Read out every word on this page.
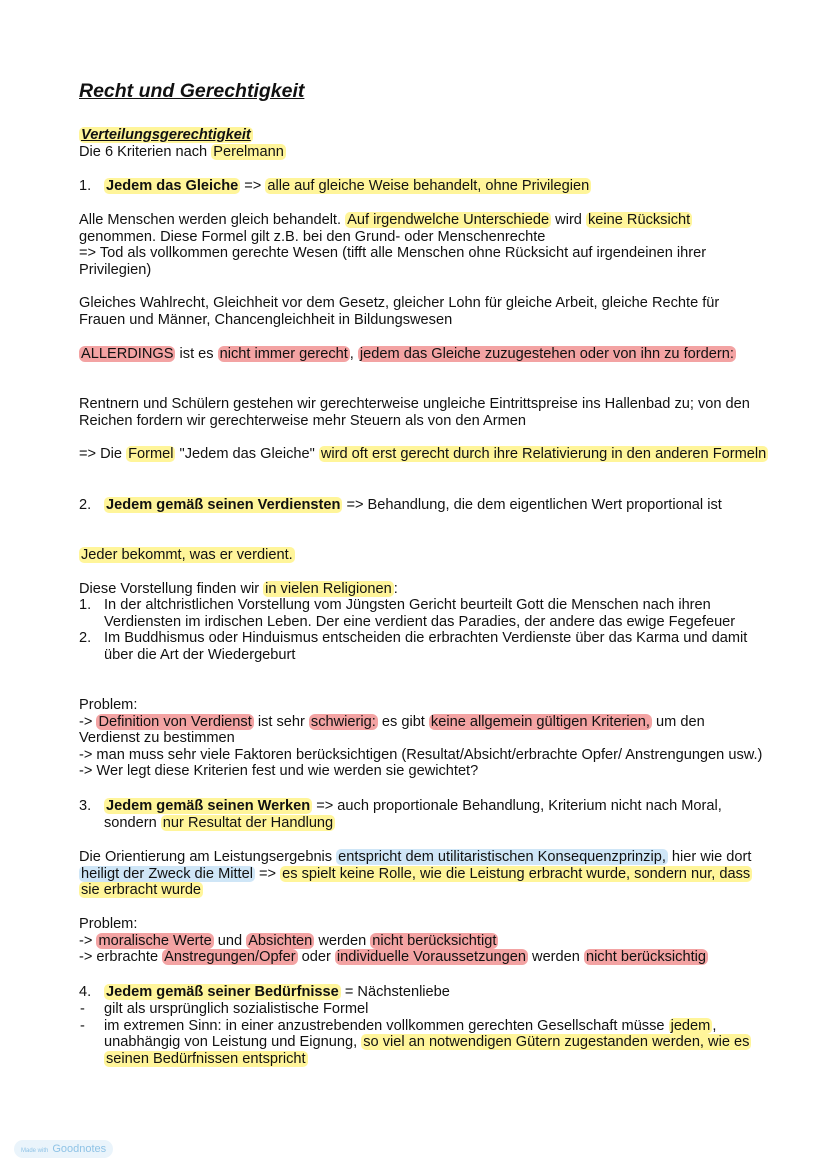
Recht und Gerechtigkeit
Verteilungsgerechtigkeit
Die 6 Kriterien nach Perelmann
1. Jedem das Gleiche => alle auf gleiche Weise behandelt, ohne Privilegien
Alle Menschen werden gleich behandelt. Auf irgendwelche Unterschiede wird keine Rücksicht genommen. Diese Formel gilt z.B. bei den Grund- oder Menschenrechte
=> Tod als vollkommen gerechte Wesen (tifft alle Menschen ohne Rücksicht auf irgendeinen ihrer Privilegien)
Gleiches Wahlrecht, Gleichheit vor dem Gesetz, gleicher Lohn für gleiche Arbeit, gleiche Rechte für Frauen und Männer, Chancengleichheit in Bildungswesen
ALLERDINGS ist es nicht immer gerecht , jedem das Gleiche zuzugestehen oder von ihn zu fordern:
Rentnern und Schülern gestehen wir gerechterweise ungleiche Eintrittspreise ins Hallenbad zu; von den Reichen fordern wir gerechterweise mehr Steuern als von den Armen
=> Die Formel "Jedem das Gleiche" wird oft erst gerecht durch ihre Relativierung in den anderen Formeln
2. Jedem gemäß seinen Verdiensten => Behandlung, die dem eigentlichen Wert proportional ist
Jeder bekommt, was er verdient.
Diese Vorstellung finden wir in vielen Religionen :
1. In der altchristlichen Vorstellung vom Jüngsten Gericht beurteilt Gott die Menschen nach ihren Verdiensten im irdischen Leben. Der eine verdient das Paradies, der andere das ewige Fegefeuer
2. Im Buddhismus oder Hinduismus entscheiden die erbrachten Verdienste über das Karma und damit über die Art der Wiedergeburt
Problem:
-> Definition von Verdienst ist sehr schwierig: es gibt keine allgemein gültigen Kriterien, um den Verdienst zu bestimmen
-> man muss sehr viele Faktoren berücksichtigen (Resultat/Absicht/erbrachte Opfer/ Anstrengungen usw.) -> Wer legt diese Kriterien fest und wie werden sie gewichtet?
3. Jedem gemäß seinen Werken => auch proportionale Behandlung, Kriterium nicht nach Moral, sondern nur Resultat der Handlung
Die Orientierung am Leistungsergebnis entspricht dem utilitaristischen Konsequenzprinzip, hier wie dort heiligt der Zweck die Mittel => es spielt keine Rolle, wie die Leistung erbracht wurde, sondern nur, dass sie erbracht wurde
Problem:
-> moralische Werte und Absichten werden nicht berücksichtigt
-> erbrachte Anstregungen/Opfer oder individuelle Voraussetzungen werden nicht berücksichtig
4. Jedem gemäß seiner Bedürfnisse = Nächstenliebe
- gilt als ursprünglich sozialistische Formel
- im extremen Sinn: in einer anzustrebenden vollkommen gerechten Gesellschaft müsse jedem , unabhängig von Leistung und Eignung, so viel an notwendigen Gütern zugestanden werden, wie es seinen Bedürfnissen entspricht
Made with Goodnotes
